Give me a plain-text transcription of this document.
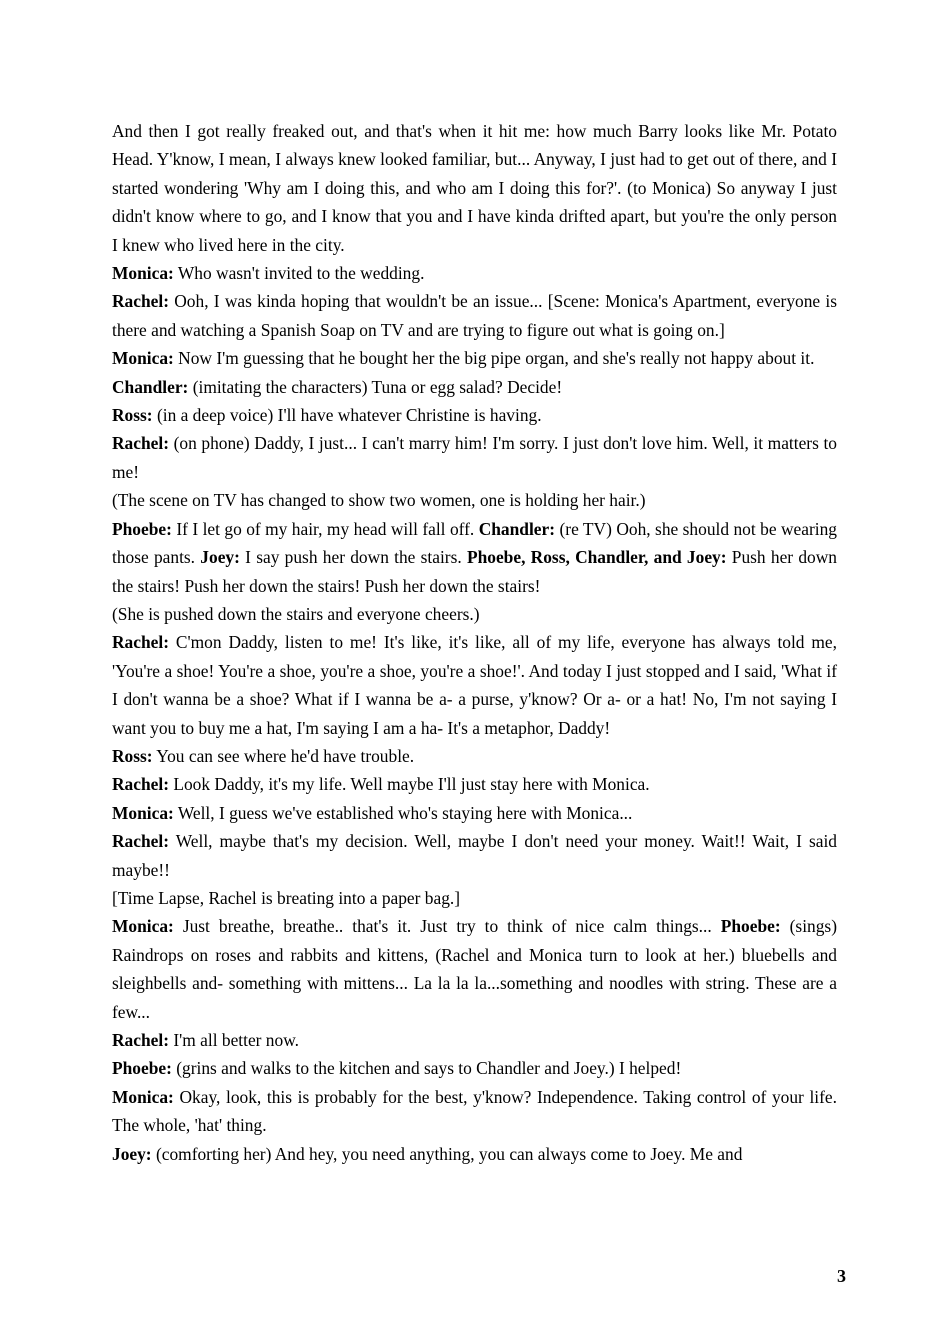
And then I got really freaked out, and that's when it hit me: how much Barry looks like Mr. Potato Head. Y'know, I mean, I always knew looked familiar, but... Anyway, I just had to get out of there, and I started wondering 'Why am I doing this, and who am I doing this for?'. (to Monica) So anyway I just didn't know where to go, and I know that you and I have kinda drifted apart, but you're the only person I knew who lived here in the city.

Monica: Who wasn't invited to the wedding.

Rachel: Ooh, I was kinda hoping that wouldn't be an issue... [Scene: Monica's Apartment, everyone is there and watching a Spanish Soap on TV and are trying to figure out what is going on.]

Monica: Now I'm guessing that he bought her the big pipe organ, and she's really not happy about it.

Chandler: (imitating the characters) Tuna or egg salad? Decide!

Ross: (in a deep voice) I'll have whatever Christine is having.

Rachel: (on phone) Daddy, I just... I can't marry him! I'm sorry. I just don't love him. Well, it matters to me!

(The scene on TV has changed to show two women, one is holding her hair.)

Phoebe: If I let go of my hair, my head will fall off. Chandler: (re TV) Ooh, she should not be wearing those pants. Joey: I say push her down the stairs. Phoebe, Ross, Chandler, and Joey: Push her down the stairs! Push her down the stairs! Push her down the stairs!

(She is pushed down the stairs and everyone cheers.)

Rachel: C'mon Daddy, listen to me! It's like, it's like, all of my life, everyone has always told me, 'You're a shoe! You're a shoe, you're a shoe, you're a shoe!'. And today I just stopped and I said, 'What if I don't wanna be a shoe? What if I wanna be a- a purse, y'know? Or a- or a hat! No, I'm not saying I want you to buy me a hat, I'm saying I am a ha- It's a metaphor, Daddy!

Ross: You can see where he'd have trouble.

Rachel: Look Daddy, it's my life. Well maybe I'll just stay here with Monica.

Monica: Well, I guess we've established who's staying here with Monica...

Rachel: Well, maybe that's my decision. Well, maybe I don't need your money. Wait!! Wait, I said maybe!!

[Time Lapse, Rachel is breating into a paper bag.]

Monica: Just breathe, breathe.. that's it. Just try to think of nice calm things... Phoebe: (sings) Raindrops on roses and rabbits and kittens, (Rachel and Monica turn to look at her.) bluebells and sleighbells and- something with mittens... La la la la...something and noodles with string. These are a few...

Rachel: I'm all better now.

Phoebe: (grins and walks to the kitchen and says to Chandler and Joey.) I helped!

Monica: Okay, look, this is probably for the best, y'know? Independence. Taking control of your life. The whole, 'hat' thing.

Joey: (comforting her) And hey, you need anything, you can always come to Joey. Me and

3
